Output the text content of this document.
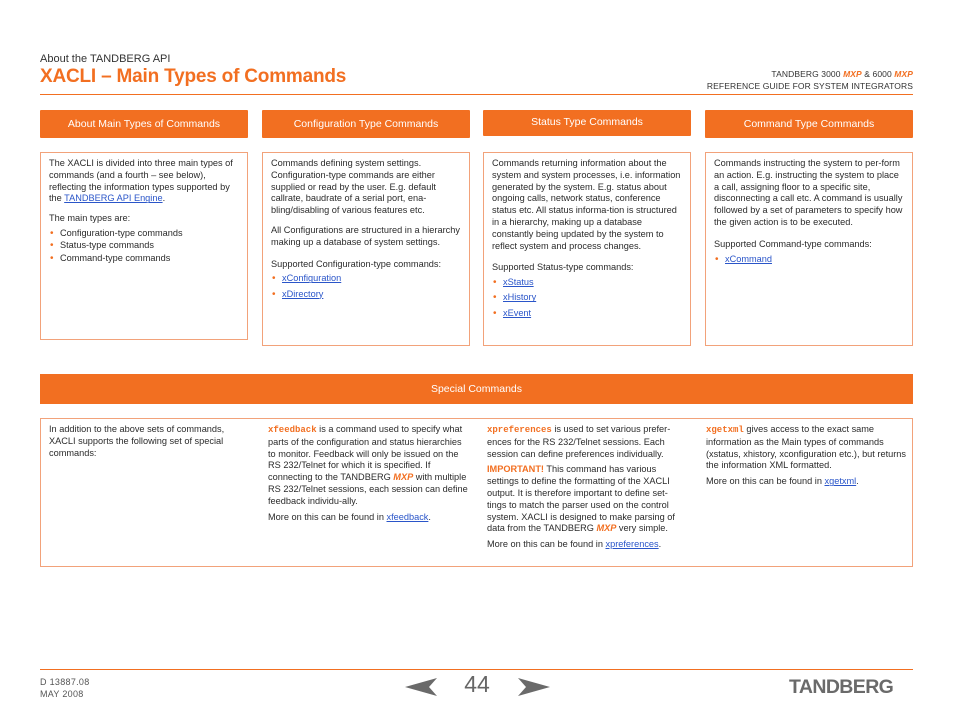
About the TANDBERG API
XACLI – Main Types of Commands	TANDBERG 3000 MXP & 6000 MXP
REFERENCE GUIDE FOR SYSTEM INTEGRATORS
About Main Types of Commands

The XACLI is divided into three main types of commands (and a fourth – see below), reflecting the information types supported by the TANDBERG API Engine.

The main types are:

• Configuration-type commands
• Status-type commands
• Command-type commands
Configuration Type Commands

Commands defining system settings. Configuration-type commands are either supplied or read by the user. E.g. default callrate, baudrate of a serial port, ena-bling/disabling of various features etc.

All Configurations are structured in a hierarchy making up a database of system settings.

Supported Configuration-type commands:

• xConfiguration
• xDirectory
Status Type Commands

Commands returning information about the system and system processes, i.e. information generated by the system. E.g. status about ongoing calls, network status, conference status etc. All status informa-tion is structured in a hierarchy, making up a database constantly being updated by the system to reflect system and process changes.

Supported Status-type commands:

• xStatus
• xHistory
• xEvent
Command Type Commands

Commands instructing the system to per-form an action. E.g. instructing the system to place a call, assigning floor to a specific site, disconnecting a call etc. A command is usually followed by a set of parameters to specify how the given action is to be executed.

Supported Command-type commands:

• xCommand
Special Commands

In addition to the above sets of commands, XACLI supports the following set of special commands:

xfeedback is a command used to specify what parts of the configuration and status hierarchies to monitor. Feedback will only be issued on the RS 232/Telnet for which it is specified. If connecting to the TANDBERG MXP with multiple RS 232/Telnet sessions, each session can define feedback individu-ally.

More on this can be found in xfeedback.

xpreferences is used to set various prefer-ences for the RS 232/Telnet sessions. Each session can define preferences individually.

IMPORTANT! This command has various settings to define the formatting of the XACLI output. It is therefore important to define set-tings to match the parser used on the control system. XACLI is designed to make parsing of data from the TANDBERG MXP very simple.

More on this can be found in xpreferences.

xgetxml gives access to the exact same information as the Main types of commands (xstatus, xhistory, xconfiguration etc.), but returns the information XML formatted.

More on this can be found in xgetxml.

D 13887.08
MAY 2008	44	TANDBERG
